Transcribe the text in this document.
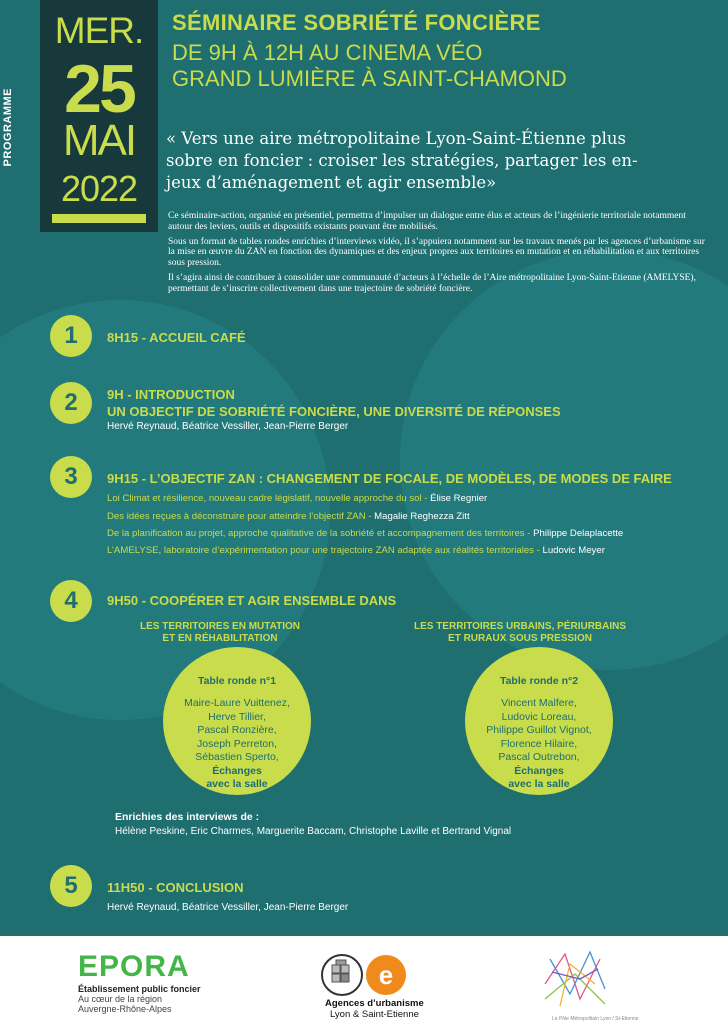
PROGRAMME
MER.
25
MAI
2022
SÉMINAIRE SOBRIÉTÉ FONCIÈRE
DE 9H À 12H AU CINEMA VÉO
GRAND LUMIÈRE À SAINT-CHAMOND
« Vers une aire métropolitaine Lyon-Saint-Étienne plus
sobre en foncier : croiser les stratégies, partager les en-
jeux d’aménagement et agir ensemble»

Ce séminaire-action, organisé en présentiel, permettra d’impulser un dialogue entre élus et acteurs de l’ingénierie territoriale notamment autour des leviers, outils et dispositifs existants pouvant être mobilisés.

Sous un format de tables rondes enrichies d’interviews vidéo, il s’appuiera notamment sur les travaux menés par les agences d’urbanisme sur la mise en œuvre du ZAN en fonction des dynamiques et des enjeux propres aux territoires en mutation et en réhabilitation et aux territoires sous pression.

Il s’agira ainsi de contribuer à consolider une communauté d’acteurs à l’échelle de l’Aire métropolitaine Lyon-Saint-Etienne (AMELYSE), permettant de s’inscrire collectivement dans une trajectoire de sobriété foncière.

1	8H15 - ACCUEIL CAFÉ
2	9H - INTRODUCTION
UN OBJECTIF DE SOBRIÉTÉ FONCIÈRE, UNE DIVERSITÉ DE RÉPONSES
Hervé Reynaud, Béatrice Vessiller, Jean-Pierre Berger
3	9H15 - L’OBJECTIF ZAN : CHANGEMENT DE FOCALE, DE MODÈLES, DE MODES DE FAIRE
Loi Climat et résilience, nouveau cadre législatif, nouvelle approche du sol - Élise Regnier
Des idées reçues à déconstruire pour atteindre l’objectif ZAN - Magalie Reghezza Zitt
De la planification au projet, approche qualitative de la sobriété et accompagnement des territoires - Philippe Delaplacette
L’AMELYSE, laboratoire d’expérimentation pour une trajectoire ZAN adaptée aux réalités territoriales - Ludovic Meyer
4	9H50 - COOPÉRER ET AGIR ENSEMBLE DANS
LES TERRITOIRES EN MUTATION
ET EN RÉHABILITATION
LES TERRITOIRES URBAINS, PÉRIURBAINS
ET RURAUX SOUS PRESSION
Table ronde n°1
Maire-Laure Vuittenez,
Herve Tillier,
Pascal Ronzière,
Joseph Perreton,
Sébastien Sperto,
Échanges
avec la salle
Table ronde n°2
Vincent Malfere,
Ludovic Loreau,
Philippe Guillot Vignot,
Florence Hilaire,
Pascal Outrebon,
Échanges
avec la salle
Enrichies des interviews de :
Hélène Peskine, Eric Charmes, Marguerite Baccam, Christophe Laville et Bertrand Vignal
5	11H50 - CONCLUSION
Hervé Reynaud, Béatrice Vessiller, Jean-Pierre Berger
EPORA
Établissement public foncier
Au cœur de la région
Auvergne-Rhône-Alpes
e
Agences d’urbanisme
Lyon & Saint-Etienne	Le Pôle Métropolitain Lyon / St-Etienne
